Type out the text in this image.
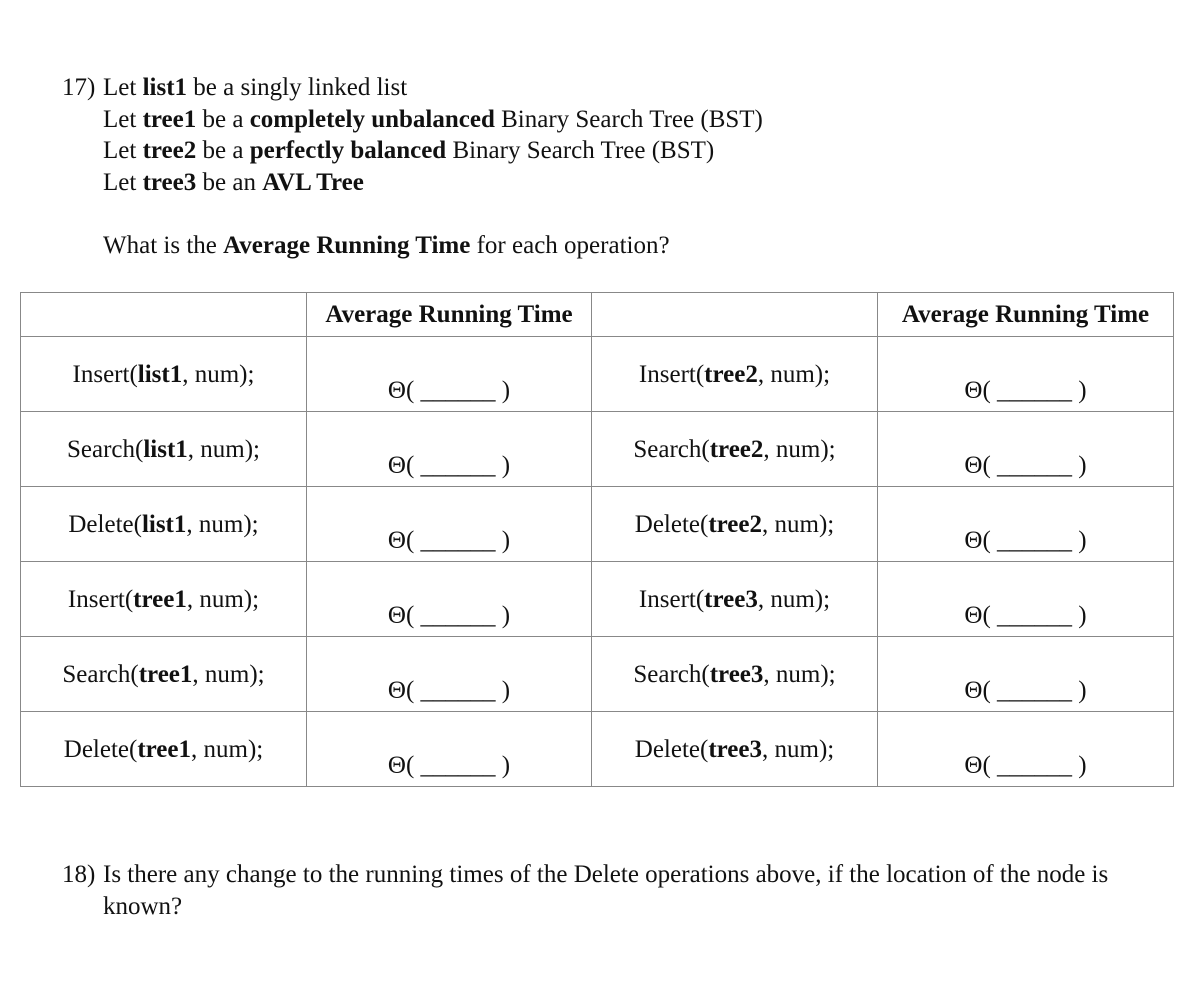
17) Let list1 be a singly linked list
Let tree1 be a completely unbalanced Binary Search Tree (BST)
Let tree2 be a perfectly balanced Binary Search Tree (BST)
Let tree3 be an AVL Tree
What is the Average Running Time for each operation?
	Average Running Time		Average Running Time
Insert(list1, num);	Θ( ______ )	Insert(tree2, num);	Θ( ______ )
Search(list1, num);	Θ( ______ )	Search(tree2, num);	Θ( ______ )
Delete(list1, num);	Θ( ______ )	Delete(tree2, num);	Θ( ______ )
Insert(tree1, num);	Θ( ______ )	Insert(tree3, num);	Θ( ______ )
Search(tree1, num);	Θ( ______ )	Search(tree3, num);	Θ( ______ )
Delete(tree1, num);	Θ( ______ )	Delete(tree3, num);	Θ( ______ )
18) Is there any change to the running times of the Delete operations above, if the location of the node is known?
